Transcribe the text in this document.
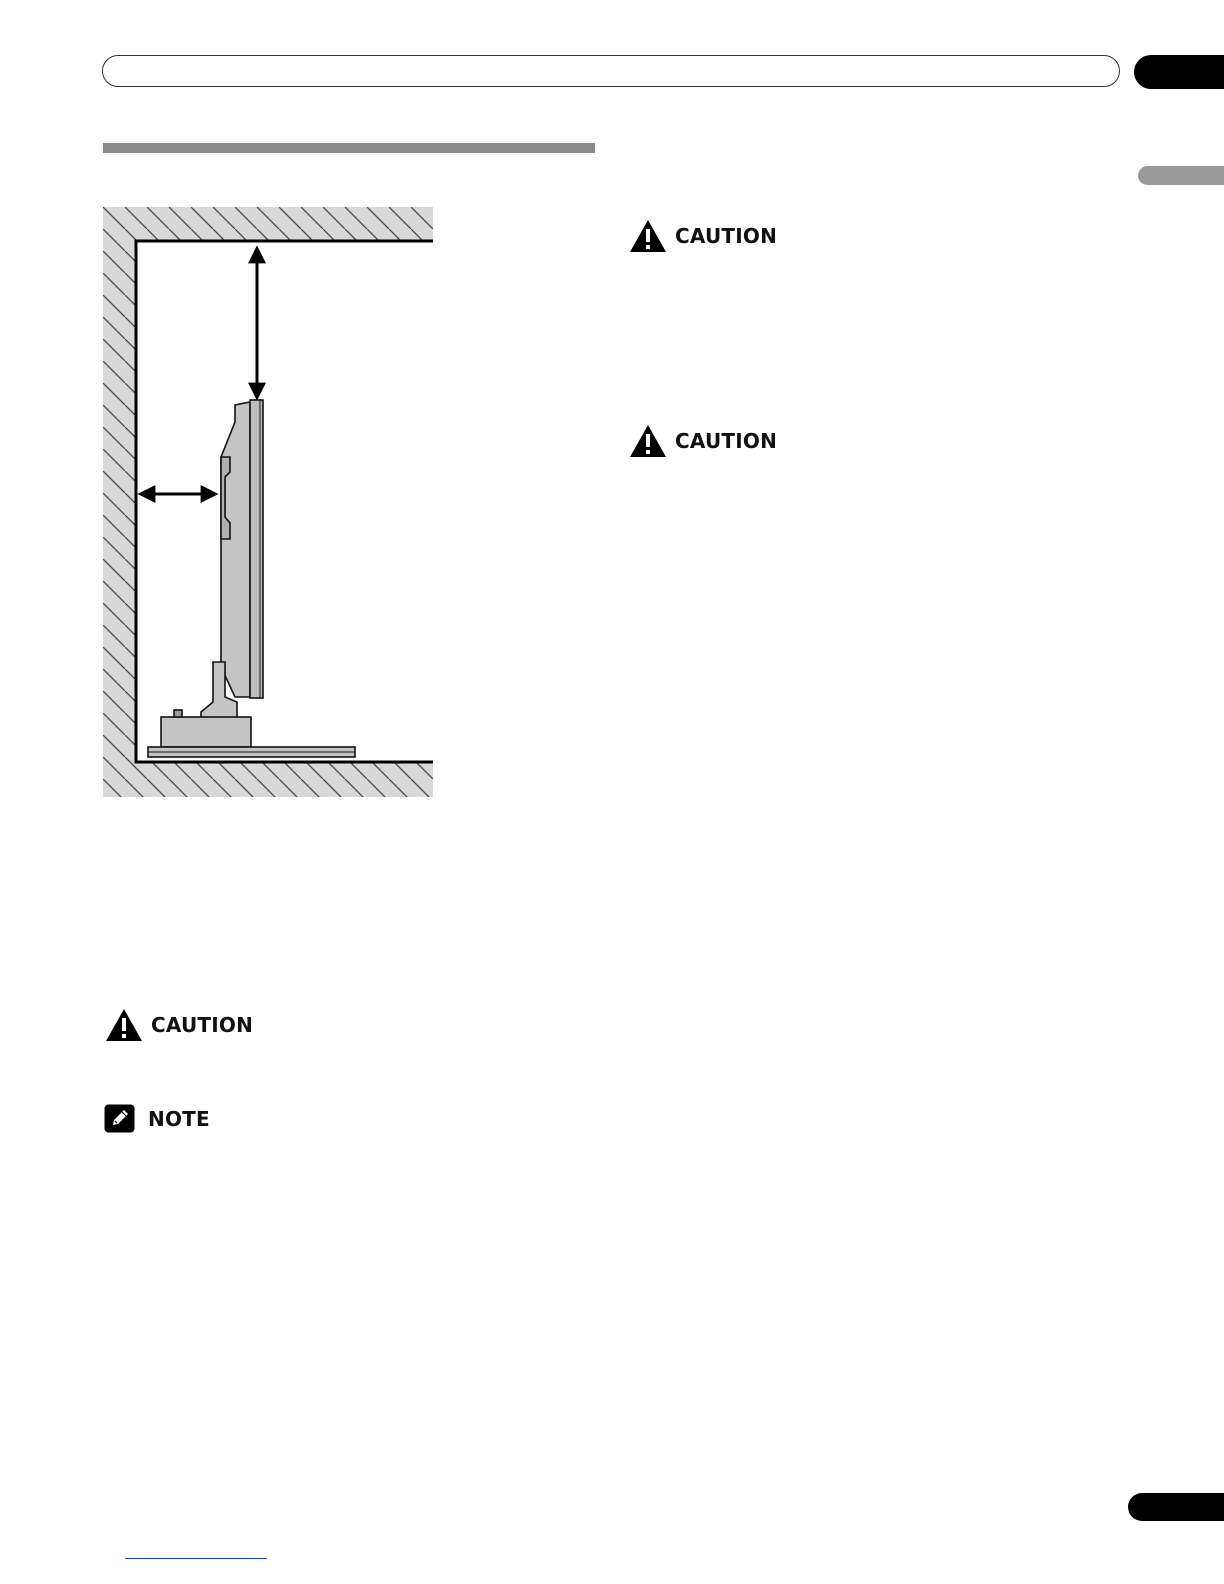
CAUTION
CAUTION
CAUTION
NOTE
